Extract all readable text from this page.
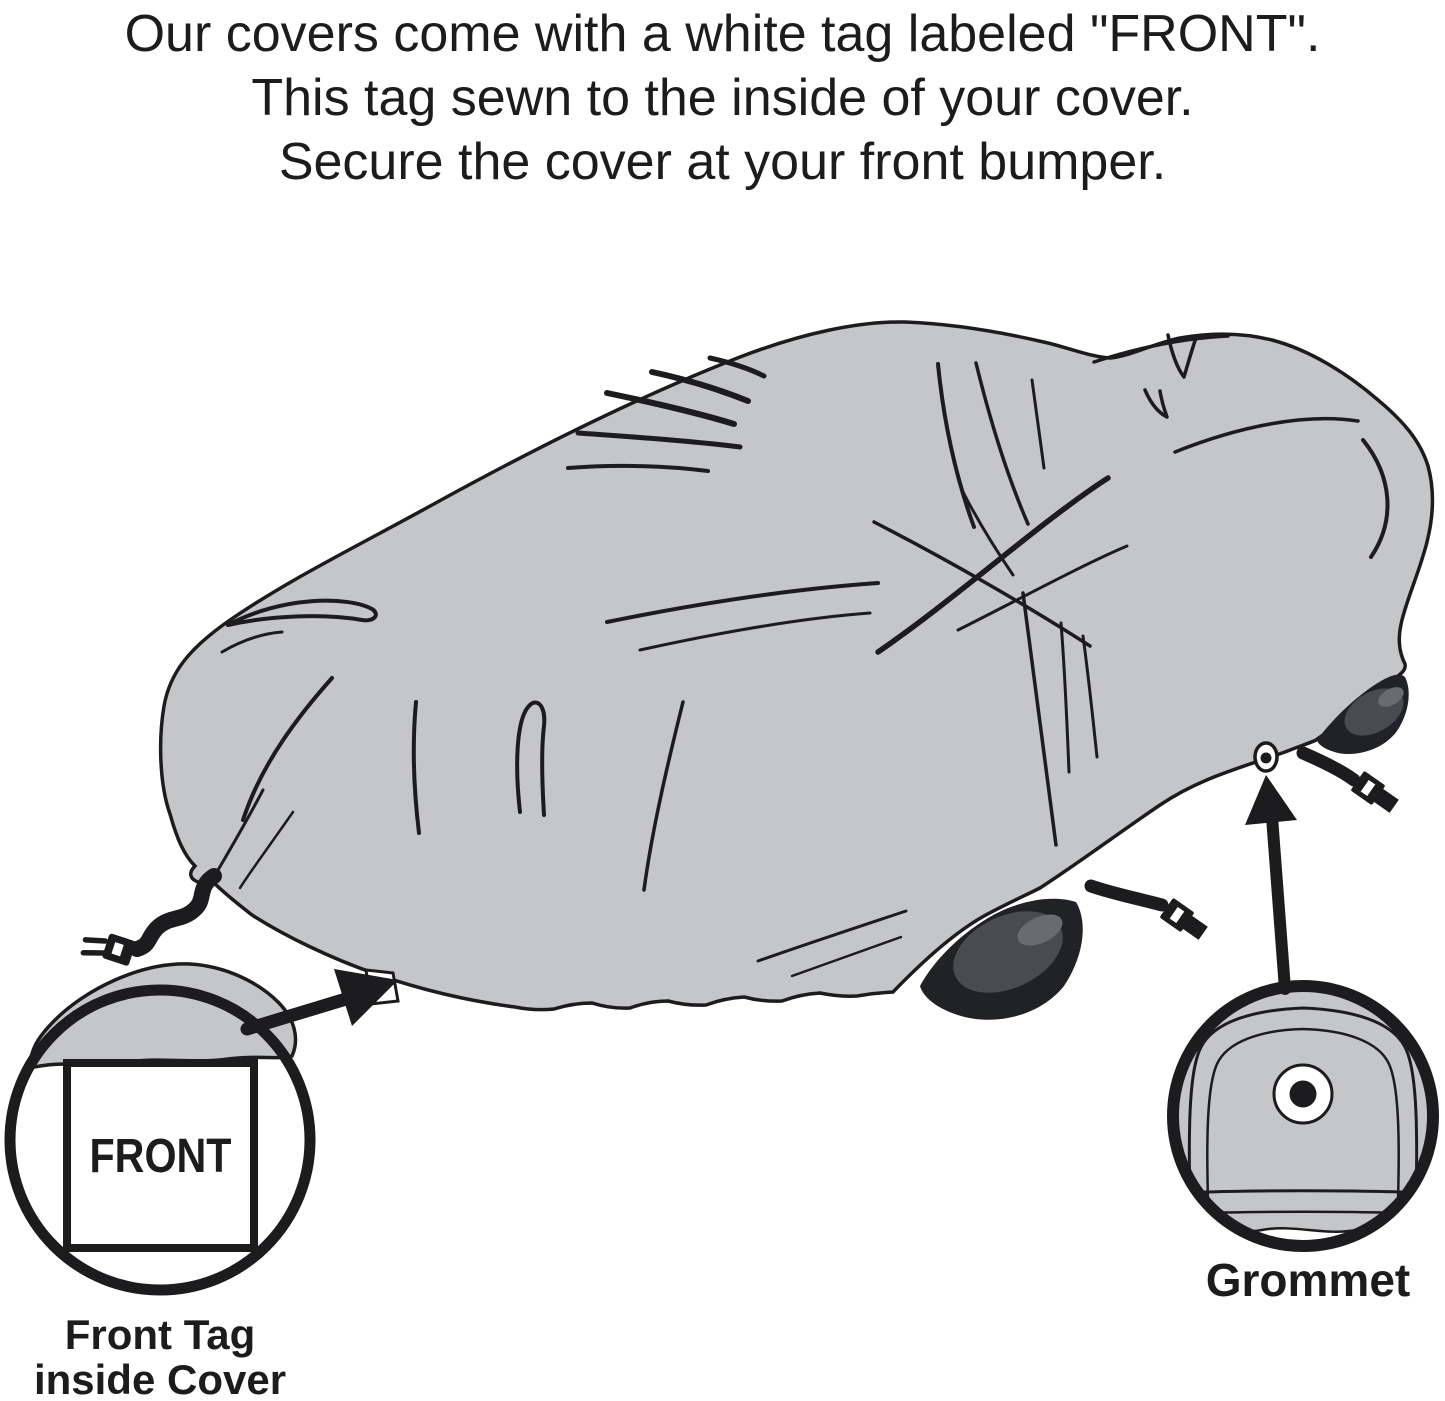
Our covers come with a white tag labeled "FRONT".
This tag sewn to the inside of your cover.
Secure the cover at your front bumper.
FRONT
Front Tag
inside Cover
Grommet
